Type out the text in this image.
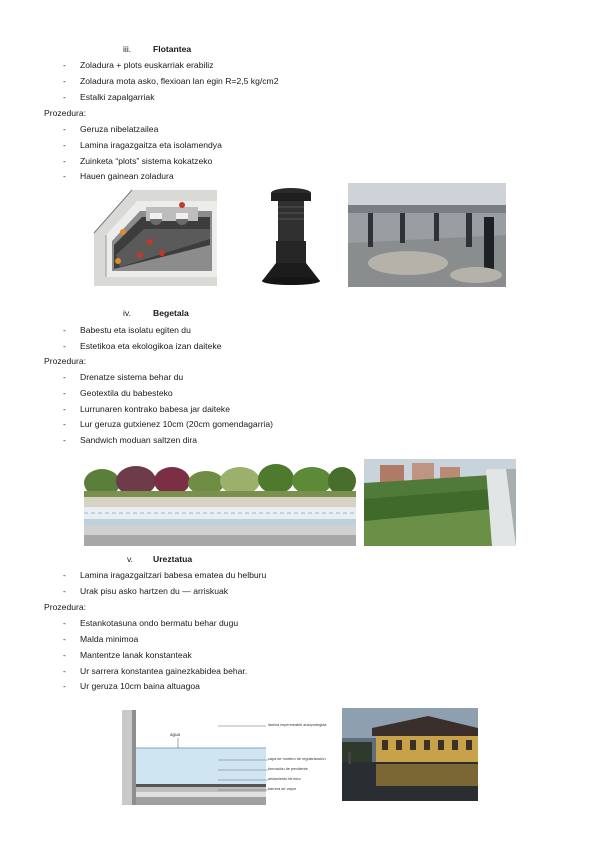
iii.	Flotantea
- Zoladura + plots euskarriak erabiliz
- Zoladura mota asko, flexioan lan egin R=2,5 kg/cm2
- Estalki zapalgarriak
Prozedura:
- Geruza nibelatzailea
- Lamina iragazgaitza eta isolamendya
- Zuinketa “plots” sistema kokatzeko
- Hauen gainean zoladura
iv.	Begetala
- Babestu eta isolatu egiten du
- Estetikoa eta ekologikoa izan daiteke
Prozedura:
- Drenatze sistema behar du
- Geotextila du babesteko
- Lurrunaren kontrako babesa jar daiteke
- Lur geruza gutxienez 10cm (20cm gomendagarria)
- Sandwich moduan saltzen dira
v. Ureztatua
- Lamina iragazgaitzari babesa ematea du helburu
- Urak pisu asko hartzen du — arriskuak
Prozedura:
- Estankotasuna ondo bermatu behar dugu
- Malda minimoa
- Mantentze lanak konstanteak
- Ur sarrera konstantea gainezkabidea behar.
- Ur geruza 10cm baina altuagoa
agua
lámina impermeable autoprotegida
capa de mortero de regularización
formación de pendiente
aislamiento térmico
barrera de vapor
